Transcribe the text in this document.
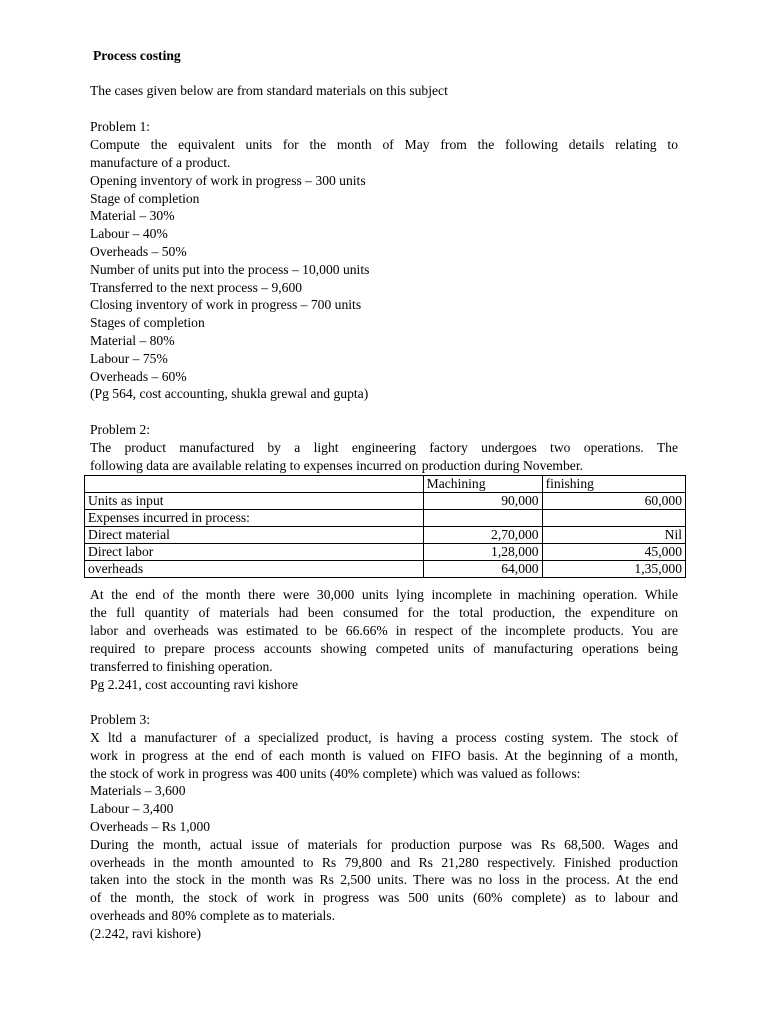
Process costing
The cases given below are from standard materials on this subject
Problem 1:
Compute the equivalent units for the month of May from the following details relating to
manufacture of a product.
Opening inventory of work in progress – 300 units
Stage of completion
Material – 30%
Labour – 40%
Overheads – 50%
Number of units put into the process – 10,000 units
Transferred to the next process – 9,600
Closing inventory of work in progress – 700 units
Stages of completion
Material – 80%
Labour – 75%
Overheads – 60%
(Pg 564, cost accounting, shukla grewal and gupta)
Problem 2:
The product manufactured by a light engineering factory undergoes two operations. The
following data are available relating to expenses incurred on production during November.
	Machining	finishing
Units as input	90,000	60,000
Expenses incurred in process:		
Direct material	2,70,000	Nil
Direct labor	1,28,000	45,000
overheads	64,000	1,35,000
At the end of the month there were 30,000 units lying incomplete in machining operation. While
the full quantity of materials had been consumed for the total production, the expenditure on
labor and overheads was estimated to be 66.66% in respect of the incomplete products. You are
required to prepare process accounts showing competed units of manufacturing operations being
transferred to finishing operation.
Pg 2.241, cost accounting ravi kishore
Problem 3:
X ltd a manufacturer of a specialized product, is having a process costing system. The stock of
work in progress at the end of each month is valued on FIFO basis. At the beginning of a month,
the stock of work in progress was 400 units (40% complete) which was valued as follows:
Materials – 3,600
Labour – 3,400
Overheads – Rs 1,000
During the month, actual issue of materials for production purpose was Rs 68,500. Wages and
overheads in the month amounted to Rs 79,800 and Rs 21,280 respectively. Finished production
taken into the stock in the month was Rs 2,500 units. There was no loss in the process. At the end
of the month, the stock of work in progress was 500 units (60% complete) as to labour and
overheads and 80% complete as to materials.
(2.242, ravi kishore)
